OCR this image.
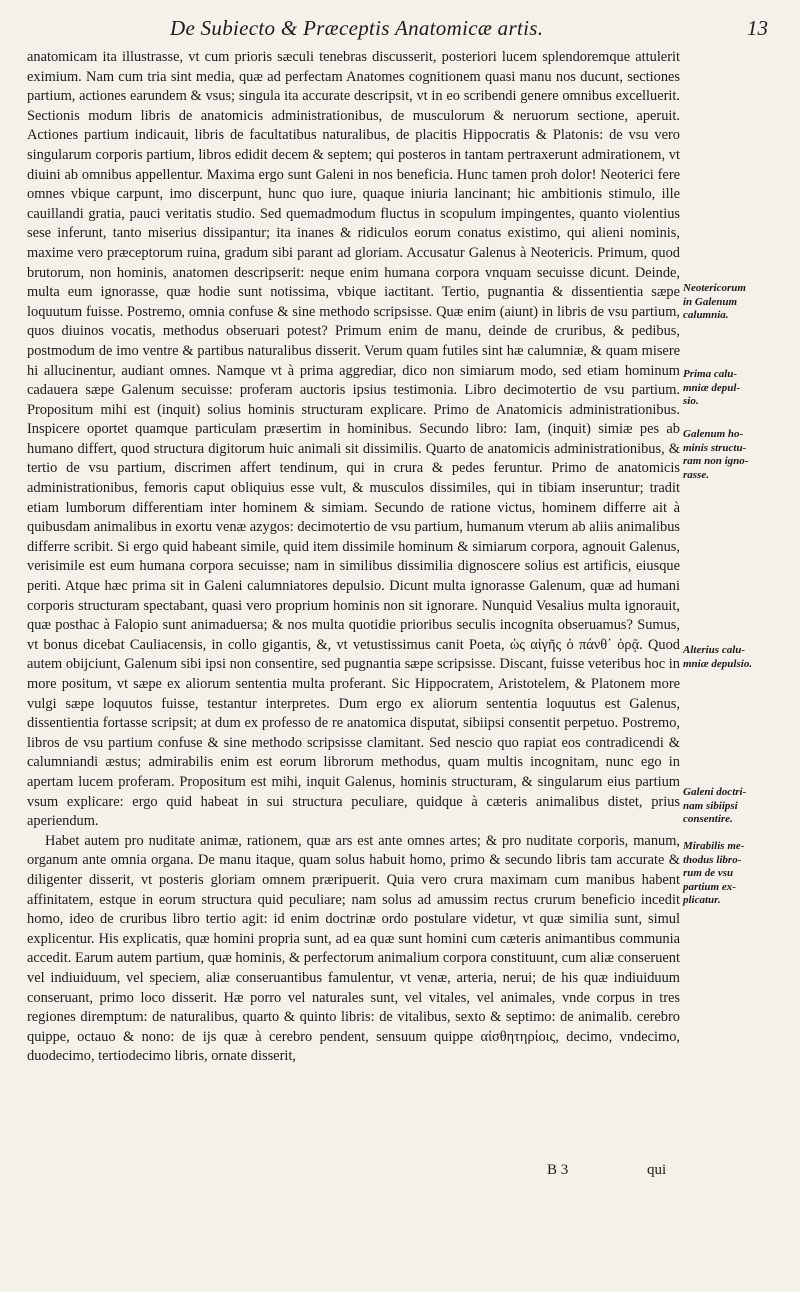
De Subiecto & Præceptis Anatomicæ artis.	13

anatomicam ita illustrasse, vt cum prioris sæculi tenebras discusserit, posteriori lucem splendoremque attulerit eximium. Nam cum tria sint media, quæ ad perfectam Anatomes cognitionem quasi manu nos ducunt, sectiones partium, actiones earundem & vsus; singula ita accurate descripsit, vt in eo scribendi genere omnibus excelluerit. Sectionis modum libris de anatomicis administrationibus, de musculorum & neruorum sectione, aperuit. Actiones partium indicauit, libris de facultatibus naturalibus, de placitis Hippocratis & Platonis: de vsu vero singularum corporis partium, libros edidit decem & septem; qui posteros in tantam pertraxerunt admirationem, vt diuini ab omnibus appellentur. Maxima ergo sunt Galeni in nos beneficia. Hunc tamen proh dolor! Neoterici fere omnes vbique carpunt, imo discerpunt, hunc quo iure, quaque iniuria lancinant; hic ambitionis stimulo, ille cauillandi gratia, pauci veritatis studio. Sed quemadmodum fluctus in scopulum impingentes, quanto violentius sese inferunt, tanto miserius dissipantur; ita inanes & ridiculos eorum conatus existimo, qui alieni nominis, maxime vero præceptorum ruina, gradum sibi parant ad gloriam. Accusatur Galenus à Neotericis. Primum, quod brutorum, non hominis, anatomen descripserit: neque enim humana corpora vnquam secuisse dicunt. Deinde, multa eum ignorasse, quæ hodie sunt notissima, vbique iactitant. Tertio, pugnantia & dissentientia sæpe loquutum fuisse. Postremo, omnia confuse & sine methodo scripsisse. Quæ enim (aiunt) in libris de vsu partium, quos diuinos vocatis, methodus obseruari potest? Primum enim de manu, deinde de cruribus, & pedibus, postmodum de imo ventre & partibus naturalibus disserit. Verum quam futiles sint hæ calumniæ, & quam misere hi allucinentur, audiant omnes. Namque vt à prima aggrediar, dico non simiarum modo, sed etiam hominum cadauera sæpe Galenum secuisse: proferam auctoris ipsius testimonia. Libro decimotertio de vsu partium. Propositum mihi est (inquit) solius hominis structuram explicare. Primo de Anatomicis administrationibus. Inspicere oportet quamque particulam præsertim in hominibus. Secundo libro: Iam, (inquit) simiæ pes ab humano differt, quod structura digitorum huic animali sit dissimilis. Quarto de anatomicis administrationibus, & tertio de vsu partium, discrimen affert tendinum, qui in crura & pedes feruntur. Primo de anatomicis administrationibus, femoris caput obliquius esse vult, & musculos dissimiles, qui in tibiam inseruntur; tradit etiam lumborum differentiam inter hominem & simiam. Secundo de ratione victus, hominem differre ait à quibusdam animalibus in exortu venæ azygos: decimotertio de vsu partium, humanum vterum ab aliis animalibus differre scribit. Si ergo quid habeant simile, quid item dissimile hominum & simiarum corpora, agnouit Galenus, verisimile est eum humana corpora secuisse; nam in similibus dissimilia dignoscere solius est artificis, eiusque periti. Atque hæc prima sit in Galeni calumniatores depulsio. Dicunt multa ignorasse Galenum, quæ ad humani corporis structuram spectabant, quasi vero proprium hominis non sit ignorare. Nunquid Vesalius multa ignorauit, quæ posthac à Falopio sunt animaduersa; & nos multa quotidie prioribus seculis incognita obseruamus? Sumus, vt bonus dicebat Cauliacensis, in collo gigantis, &, vt vetustissimus canit Poeta, ὡς αἰγῆς ὁ πάνθ᾽ ὁρᾷ. Quod autem obijciunt, Galenum sibi ipsi non consentire, sed pugnantia sæpe scripsisse. Discant, fuisse veteribus hoc in more positum, vt sæpe ex aliorum sententia multa proferant. Sic Hippocratem, Aristotelem, & Platonem more vulgi sæpe loquutos fuisse, testantur interpretes. Dum ergo ex aliorum sententia loquutus est Galenus, dissentientia fortasse scripsit; at dum ex professo de re anatomica disputat, sibiipsi consentit perpetuo. Postremo, libros de vsu partium confuse & sine methodo scripsisse clamitant. Sed nescio quo rapiat eos contradicendi & calumniandi æstus; admirabilis enim est eorum librorum methodus, quam multis incognitam, nunc ego in apertam lucem proferam. Propositum est mihi, inquit Galenus, hominis structuram, & singularum eius partium vsum explicare: ergo quid habeat in sui structura peculiare, quidque à cæteris animalibus distet, prius aperiendum.

Habet autem pro nuditate animæ, rationem, quæ ars est ante omnes artes; & pro nuditate corporis, manum, organum ante omnia organa. De manu itaque, quam solus habuit homo, primo & secundo libris tam accurate & diligenter disserit, vt posteris gloriam omnem præripuerit. Quia vero crura maximam cum manibus habent affinitatem, estque in eorum structura quid peculiare; nam solus ad amussim rectus crurum beneficio incedit homo, ideo de cruribus libro tertio agit: id enim doctrinæ ordo postulare videtur, vt quæ similia sunt, simul explicentur. His explicatis, quæ homini propria sunt, ad ea quæ sunt homini cum cæteris animantibus communia accedit. Earum autem partium, quæ hominis, & perfectorum animalium corpora constituunt, cum aliæ conseruent vel indiuiduum, vel speciem, aliæ conseruantibus famulentur, vt venæ, arteria, nerui; de his quæ indiuiduum conseruant, primo loco disserit. Hæ porro vel naturales sunt, vel vitales, vel animales, vnde corpus in tres regiones diremptum: de naturalibus, quarto & quinto libris: de vitalibus, sexto & septimo: de animalib. cerebro quippe, octauo & nono: de ijs quæ à cerebro pendent, sensuum quippe αἰσθητηρίοις, decimo, vndecimo, duodecimo, tertiodecimo libris, ornate disserit,

Neotericorum
in Galenum
calumnia.
Prima calu-
mniæ depul-
sio.
Galenum ho-
minis structu-
ram non igno-
rasse.
Alterius calu-
mniæ depulsio.
Galeni doctri-
nam sibiipsi
consentire.
Mirabilis me-
thodus libro-
rum de vsu
partium ex-
plicatur.
B 3	qui
